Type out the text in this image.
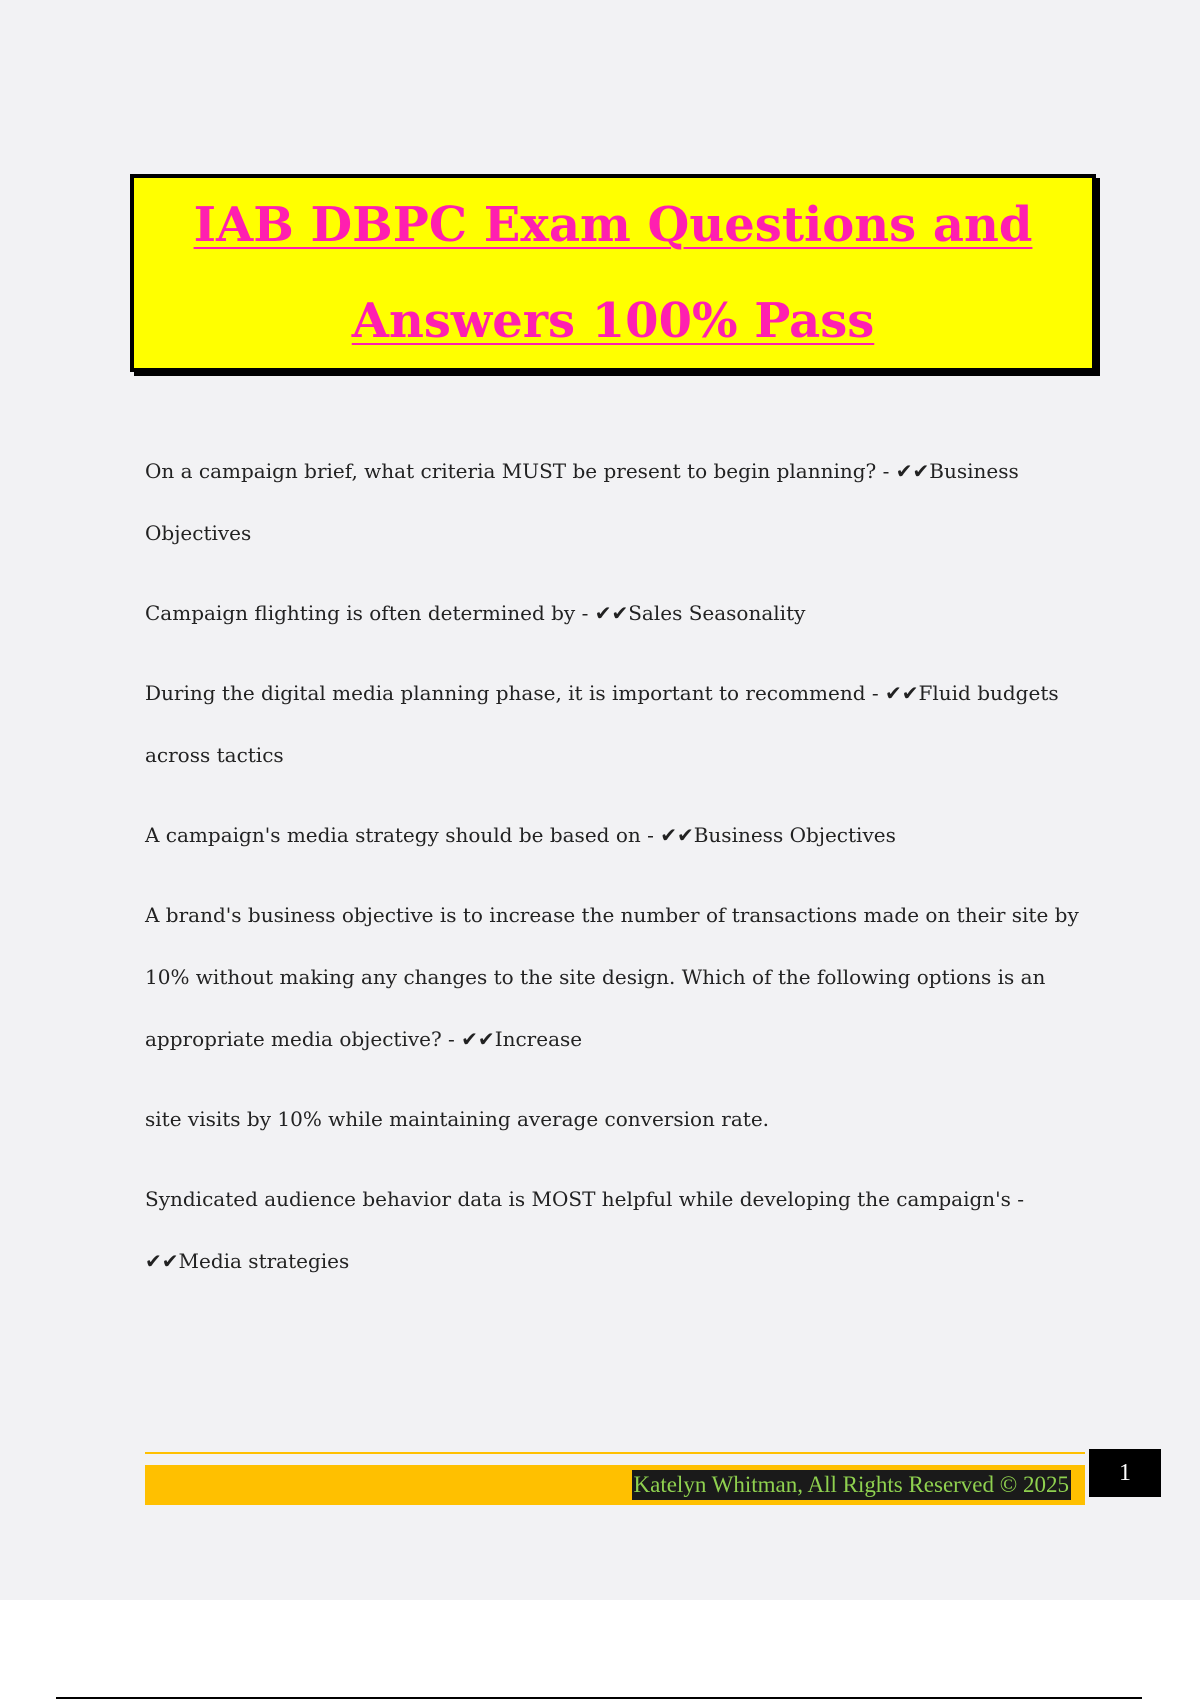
IAB DBPC Exam Questions and
Answers 100% Pass

On a campaign brief, what criteria MUST be present to begin planning? - ✔✔Business Objectives

Campaign flighting is often determined by - ✔✔Sales Seasonality

During the digital media planning phase, it is important to recommend - ✔✔Fluid budgets across tactics

A campaign's media strategy should be based on - ✔✔Business Objectives

A brand's business objective is to increase the number of transactions made on their site by 10% without making any changes to the site design. Which of the following options is an appropriate media objective? - ✔✔Increase

site visits by 10% while maintaining average conversion rate.

Syndicated audience behavior data is MOST helpful while developing the campaign's - ✔✔Media strategies

Katelyn Whitman, All Rights Reserved © 2025	1
